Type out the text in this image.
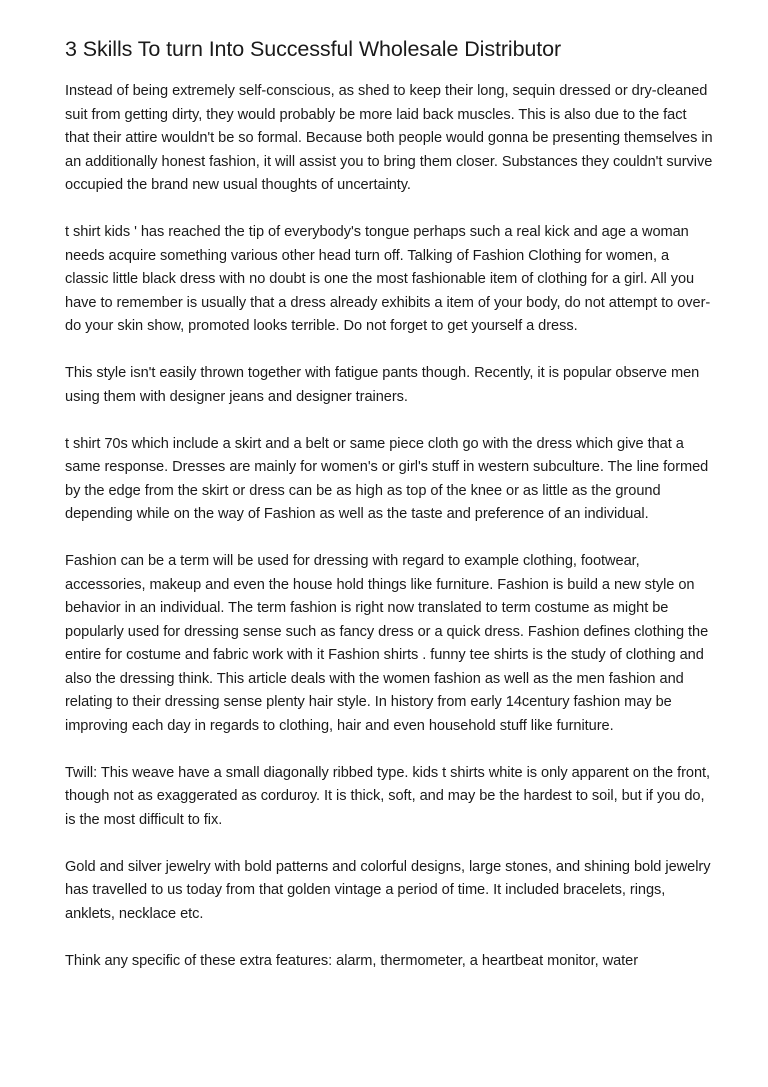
3 Skills To turn Into Successful Wholesale Distributor

Instead of being extremely self-conscious, as shed to keep their long, sequin dressed or dry-cleaned suit from getting dirty, they would probably be more laid back muscles. This is also due to the fact that their attire wouldn't be so formal. Because both people would gonna be presenting themselves in an additionally honest fashion, it will assist you to bring them closer. Substances they couldn't survive occupied the brand new usual thoughts of uncertainty.

t shirt kids ' has reached the tip of everybody's tongue perhaps such a real kick and age a woman needs acquire something various other head turn off. Talking of Fashion Clothing for women, a classic little black dress with no doubt is one the most fashionable item of clothing for a girl. All you have to remember is usually that a dress already exhibits a item of your body, do not attempt to over-do your skin show, promoted looks terrible. Do not forget to get yourself a dress.

This style isn't easily thrown together with fatigue pants though. Recently, it is popular observe men using them with designer jeans and designer trainers.

t shirt 70s which include a skirt and a belt or same piece cloth go with the dress which give that a same response. Dresses are mainly for women's or girl's stuff in western subculture. The line formed by the edge from the skirt or dress can be as high as top of the knee or as little as the ground depending while on the way of Fashion as well as the taste and preference of an individual.

Fashion can be a term will be used for dressing with regard to example clothing, footwear, accessories, makeup and even the house hold things like furniture. Fashion is build a new style on behavior in an individual. The term fashion is right now translated to term costume as might be popularly used for dressing sense such as fancy dress or a quick dress. Fashion defines clothing the entire for costume and fabric work with it Fashion shirts . funny tee shirts is the study of clothing and also the dressing think. This article deals with the women fashion as well as the men fashion and relating to their dressing sense plenty hair style. In history from early 14century fashion may be improving each day in regards to clothing, hair and even household stuff like furniture.

Twill: This weave have a small diagonally ribbed type. kids t shirts white is only apparent on the front, though not as exaggerated as corduroy. It is thick, soft, and may be the hardest to soil, but if you do, is the most difficult to fix.

Gold and silver jewelry with bold patterns and colorful designs, large stones, and shining bold jewelry has travelled to us today from that golden vintage a period of time. It included bracelets, rings, anklets, necklace etc.

Think any specific of these extra features: alarm, thermometer, a heartbeat monitor, water
